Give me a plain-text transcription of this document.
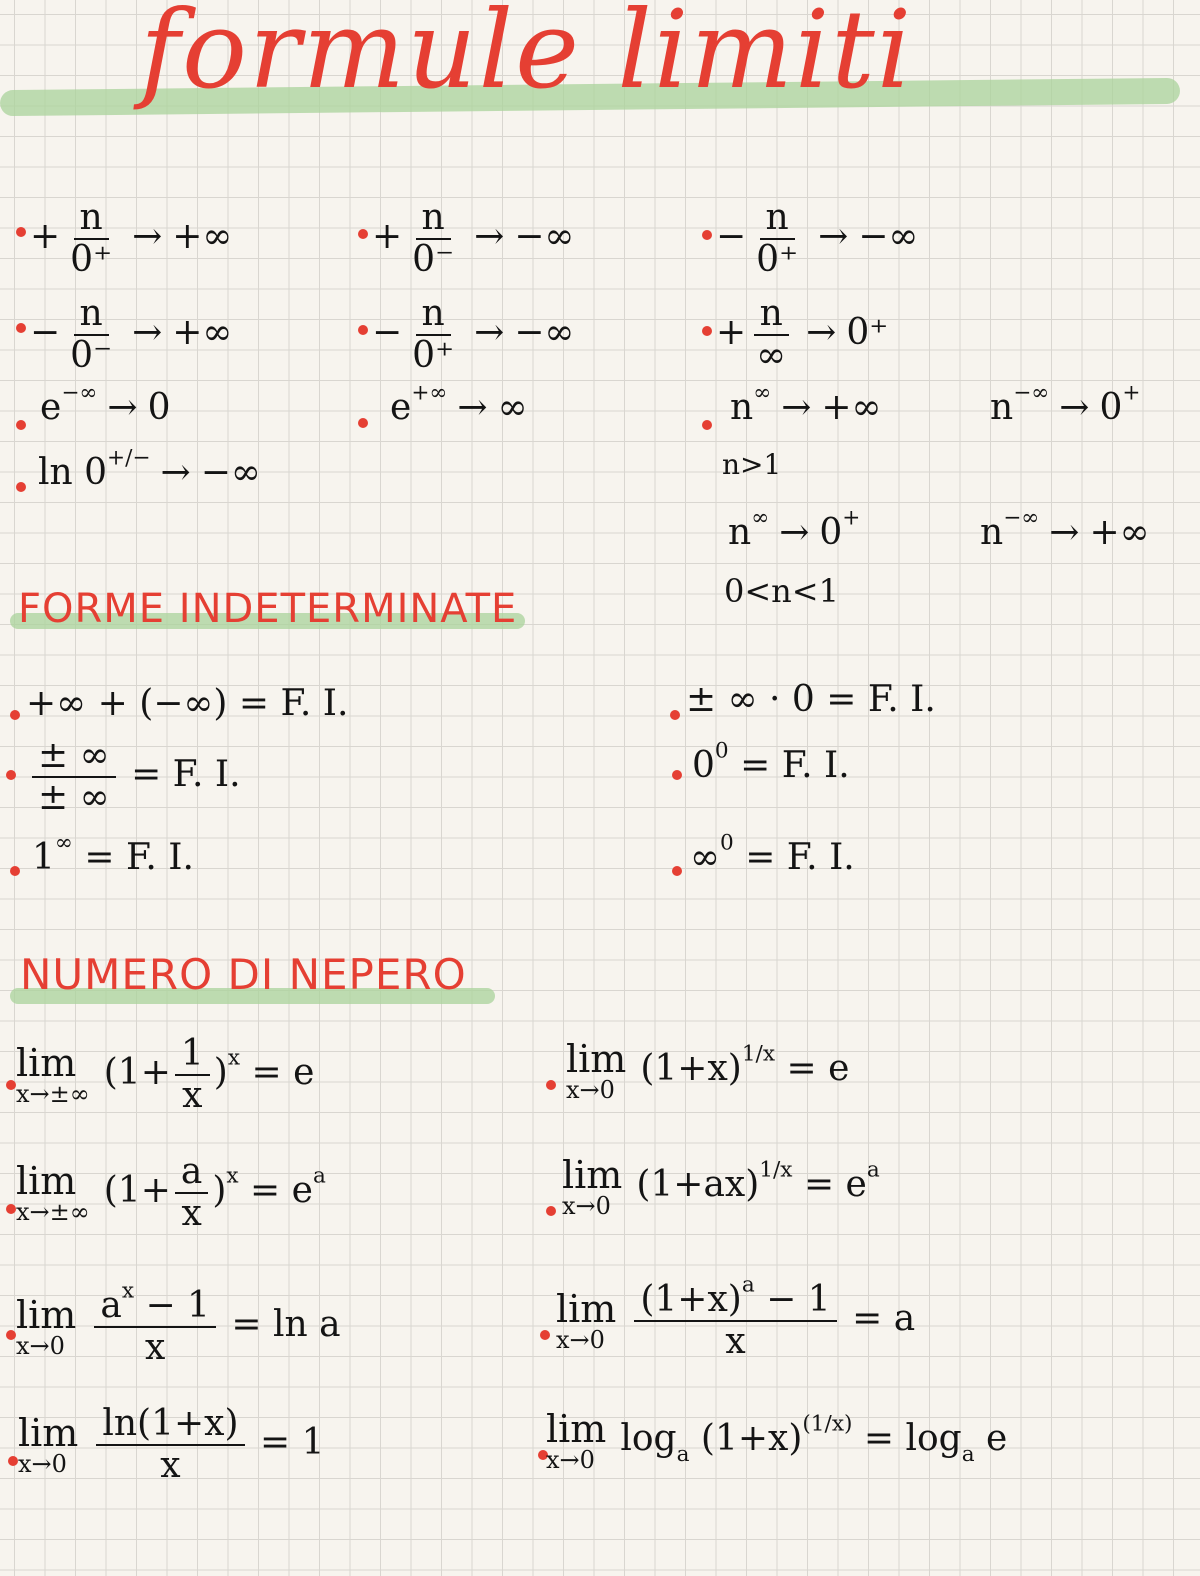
formule limiti
+ $\frac{n}{0^+}$ → +∞	+ $\frac{n}{0^-}$ → −∞	− $\frac{n}{0^+}$ → −∞
− $\frac{n}{0^-}$ → +∞	− $\frac{n}{0^+}$ → −∞	+ $\frac{n}{\infty} \to 0^+$
e−∞ → 0	e+∞ → ∞	n∞ → +∞	n−∞ → 0+
n>1
ln 0+/− → −∞
n∞ → 0+	n−∞ → +∞
0<n<1
FORME INDETERMINATE
+∞ + (−∞) = F. I.
$\frac{\pm \infty}{\pm \infty} = F$. I.
1∞ = F. I.
± ∞ · 0 = F. I.
$0^0 = F$. I.
∞$^0$ = F. I.
NUMERO DI NEPERO
lim
x→±∞
$(1+ \frac{1}{x} )^x = e$
lim
x→±∞
$(1+ \frac{a}{x} )^x = e^a$
lim
$x\to 0 \frac{a^x - 1}{x} = \ln a$
lim
$x\to 0 \frac{\ln(1+x)}{x} = 1$
lim
x→0
$(1+x)^{1/x} = e$
lim
x→0
$(1+ax)^{1/x} = e^a$
lim
$x\to 0 \frac{(1+x)^a - 1}{x} = a$
lim
x→0
$\log_a (1+x)^{(1/x)} = \log_a e$
